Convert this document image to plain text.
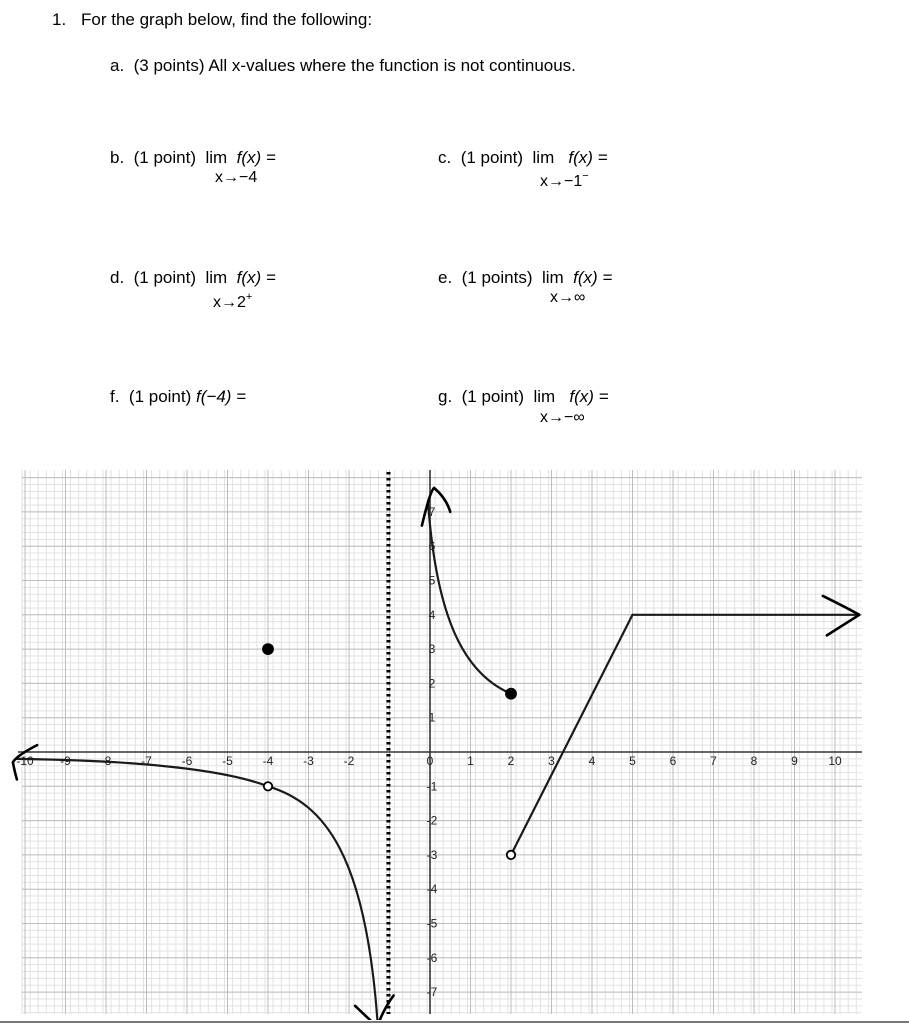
1. For the graph below, find the following:
a. (3 points) All x-values where the function is not continuous.
b. (1 point) lim f(x) =
x→−4
c. (1 point) lim f(x) =
x→−1−
d. (1 point) lim f(x) =
x→2+
e. (1 points) lim f(x) =
x→∞
f. (1 point) f(−4) =	g. (1 point) lim f(x) =
x→−∞
-10 -9 -8 -7 -6 -5 -4 -3 -2	0	1	2	3	4	5	6	7	8	9	10
7
6
5
4
3
2
1
-1
-2
-3
-4
-5
-6
-7
